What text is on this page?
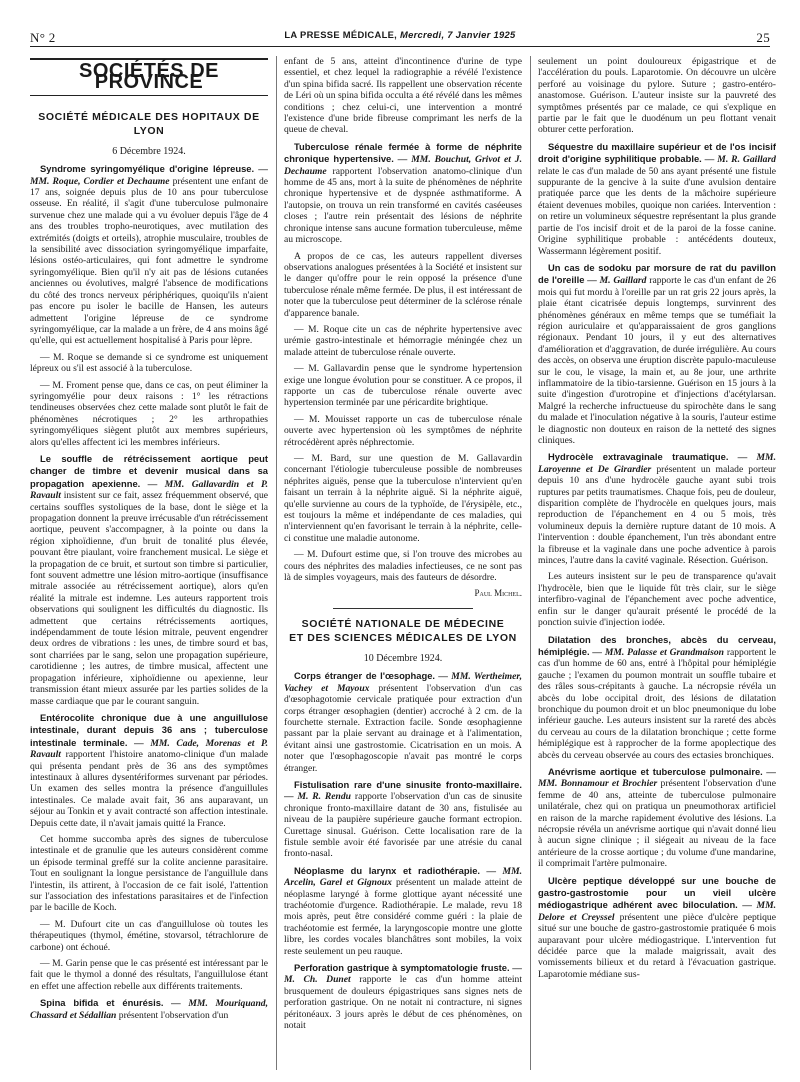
N° 2	LA PRESSE MÉDICALE, Mercredi, 7 Janvier 1925	25
SOCIÉTÉS DE PROVINCE
SOCIÉTÉ MÉDICALE DES HOPITAUX DE LYON
6 Décembre 1924.

Syndrome syringomyélique d'origine lépreuse. — MM. Roque, Cordier et Dechaume présentent une enfant de 17 ans, soignée depuis plus de 10 ans pour tuberculose osseuse. En réalité, il s'agit d'une tuberculose pulmonaire survenue chez une malade qui a vu évoluer depuis l'âge de 4 ans des troubles tropho-neurotiques, avec mutilation des extrémités (doigts et orteils), atrophie musculaire, troubles de la sensibilité avec dissociation syringomyélique imparfaite, lésions ostéo-articulaires, qui font admettre le syndrome syringomyélique. Bien qu'il n'y ait pas de lésions cutanées anciennes ou évolutives, malgré l'absence de modifications du côté des troncs nerveux périphériques, quoiqu'ils n'aient pas encore pu isoler le bacille de Hansen, les auteurs admettent l'origine lépreuse de ce syndrome syringomyélique, car la malade a un frère, de 4 ans moins âgé qu'elle, qui est actuellement hospitalisé à Paris pour lèpre.

— M. Roque se demande si ce syndrome est uniquement lépreux ou s'il est associé à la tuberculose.

— M. Froment pense que, dans ce cas, on peut éliminer la syringomyélie pour deux raisons : 1° les rétractions tendineuses observées chez cette malade sont plutôt le fait de phénomènes nécrotiques ; 2° les arthropathies syringomyéliques siègent plutôt aux membres supérieurs, alors qu'elles affectent ici les membres inférieurs.

Le souffle de rétrécissement aortique peut changer de timbre et devenir musical dans sa propagation apexienne. — MM. Gallavardin et P. Ravault insistent sur ce fait, assez fréquemment observé, que certains souffles systoliques de la base, dont le siège et la propagation donnent la preuve irrécusable d'un rétrécissement aortique, peuvent s'accompagner, à la pointe ou dans la région xiphoïdienne, d'un bruit de tonalité plus élevée, pouvant être piaulant, voire franchement musical. Le siège et la propagation de ce bruit, et surtout son timbre si particulier, font souvent admettre une lésion mitro-aortique (insuffisance mitrale associée au rétrécissement aortique), alors qu'en réalité la mitrale est indemne. Les auteurs rapportent trois observations qui soulignent les difficultés du diagnostic. Ils admettent que certains rétrécissements aortiques, indépendamment de toute lésion mitrale, peuvent engendrer deux ordres de vibrations : les unes, de timbre sourd et bas, sont charriées par le sang, selon une propagation supérieure, carotidienne ; les autres, de timbre musical, affectent une propagation inférieure, xiphoïdienne ou apexienne, leur transmission étant mieux assurée par les parties solides de la masse cardiaque que par le courant sanguin.

Entérocolite chronique due à une anguillulose intestinale, durant depuis 36 ans ; tuberculose intestinale terminale. — MM. Cade, Morenas et P. Ravault rapportent l'histoire anatomo-clinique d'un malade qui présenta pendant près de 36 ans des symptômes intestinaux à allures dysentériformes survenant par périodes. Un examen des selles montra la présence d'anguillules intestinales. Ce malade avait fait, 36 ans auparavant, un séjour au Tonkin et y avait contracté son affection intestinale. Depuis cette date, il n'avait jamais quitté la France.

Cet homme succomba après des signes de tuberculose intestinale et de granulie que les auteurs considèrent comme un épisode terminal greffé sur la colite ancienne parasitaire. Tout en soulignant la longue persistance de l'anguillule dans l'intestin, ils attirent, à l'occasion de ce fait isolé, l'attention sur l'association des infestations parasitaires et de l'infection par le bacille de Koch.

— M. Dufourt cite un cas d'anguillulose où toutes les thérapeutiques (thymol, émétine, stovarsol, tétrachlorure de carbone) ont échoué.

— M. Garin pense que le cas présenté est intéressant par le fait que le thymol a donné des résultats, l'anguillulose étant en effet une affection rebelle aux différents traitements.

Spina bifida et énurésis. — MM. Mouriquand, Chassard et Sédallian présentent l'observation d'un

enfant de 5 ans, atteint d'incontinence d'urine de type essentiel, et chez lequel la radiographie a révélé l'existence d'un spina bifida sacré. Ils rappellent une observation récente de Léri où un spina bifida occulta a été révélé dans les mêmes conditions ; chez celui-ci, une intervention a montré l'existence d'une bride fibreuse comprimant les nerfs de la queue de cheval.

Tuberculose rénale fermée à forme de néphrite chronique hypertensive. — MM. Bouchut, Grivot et J. Dechaume rapportent l'observation anatomo-clinique d'un homme de 45 ans, mort à la suite de phénomènes de néphrite chronique hypertensive et de dyspnée asthmatiforme. A l'autopsie, on trouva un rein transformé en cavités caséeuses closes ; l'autre rein présentait des lésions de néphrite chronique intense sans aucune formation tuberculeuse, même au microscope.

A propos de ce cas, les auteurs rappellent diverses observations analogues présentées à la Société et insistent sur le danger qu'offre pour le rein opposé la présence d'une tuberculose rénale même fermée. De plus, il est intéressant de noter que la tuberculose peut déterminer de la sclérose rénale d'apparence banale.

— M. Roque cite un cas de néphrite hypertensive avec urémie gastro-intestinale et hémorragie méningée chez un malade atteint de tuberculose rénale ouverte.

— M. Gallavardin pense que le syndrome hypertension exige une longue évolution pour se constituer. A ce propos, il rapporte un cas de tuberculose rénale ouverte avec hypertension terminée par une péricardite brightique.

— M. Mouisset rapporte un cas de tuberculose rénale ouverte avec hypertension où les symptômes de néphrite rétrocédèrent après néphrectomie.

— M. Bard, sur une question de M. Gallavardin concernant l'étiologie tuberculeuse possible de nombreuses néphrites aiguës, pense que la tuberculose n'intervient qu'en faisant un terrain à la néphrite aiguë. Si la néphrite aiguë, qu'elle survienne au cours de la typhoïde, de l'érysipèle, etc., est toujours la même et indépendante de ces maladies, qui n'interviennent qu'en favorisant le terrain à la néphrite, celle-ci constitue une maladie autonome.

— M. Dufourt estime que, si l'on trouve des microbes au cours des néphrites des maladies infectieuses, ce ne sont pas là de simples voyageurs, mais des fauteurs de désordre.

Paul Michel.
SOCIÉTÉ NATIONALE DE MÉDECINE
ET DES SCIENCES MÉDICALES DE LYON
10 Décembre 1924.

Corps étranger de l'œsophage. — MM. Wertheimer, Vachey et Mayoux présentent l'observation d'un cas d'œsophagotomie cervicale pratiquée pour extraction d'un corps étranger œsophagien (dentier) accroché à 2 cm. de la fourchette sternale. Extraction facile. Sonde œsophagienne passant par la plaie servant au drainage et à l'alimentation, évitant ainsi une gastrostomie. Cicatrisation en un mois. A noter que l'œsophagoscopie n'avait pas montré le corps étranger.

Fistulisation rare d'une sinusite fronto-maxillaire. — M. R. Rendu rapporte l'observation d'un cas de sinusite chronique fronto-maxillaire datant de 30 ans, fistulisée au niveau de la paupière supérieure gauche formant ectropion. Curettage sinusal. Guérison. Cette localisation rare de la fistule semble avoir été favorisée par une atrésie du canal fronto-nasal.

Néoplasme du larynx et radiothérapie. — MM. Arcelin, Garel et Gignoux présentent un malade atteint de néoplasme laryngé à forme glottique ayant nécessité une trachéotomie d'urgence. Radiothérapie. Le malade, revu 18 mois après, peut être considéré comme guéri : la plaie de trachéotomie est fermée, la laryngoscopie montre une glotte libre, les cordes vocales blanchâtres sont mobiles, la voix reste seulement un peu rauque.

Perforation gastrique à symptomatologie fruste. — M. Ch. Dunet rapporte le cas d'un homme atteint brusquement de douleurs épigastriques sans signes nets de perforation gastrique. On ne notait ni contracture, ni signes péritonéaux. 3 jours après le début de ces phénomènes, on notait

seulement un point douloureux épigastrique et de l'accélération du pouls. Laparotomie. On découvre un ulcère perforé au voisinage du pylore. Suture ; gastro-entéro-anastomose. Guérison. L'auteur insiste sur la pauvreté des symptômes présentés par ce malade, ce qui s'explique en partie par le fait que le duodénum un peu flottant venait obturer cette perforation.

Séquestre du maxillaire supérieur et de l'os incisif droit d'origine syphilitique probable. — M. R. Gaillard relate le cas d'un malade de 50 ans ayant présenté une fistule suppurante de la gencive à la suite d'une avulsion dentaire pratiquée parce que les dents de la mâchoire supérieure étaient devenues mobiles, quoique non cariées. Intervention : on retire un volumineux séquestre représentant la plus grande partie de l'os incisif droit et de la paroi de la fosse canine. Origine syphilitique probable : antécédents douteux, Wassermann légèrement positif.

Un cas de sodoku par morsure de rat du pavillon de l'oreille — M. Gaillard rapporte le cas d'un enfant de 26 mois qui fut mordu à l'oreille par un rat gris 22 jours après, la plaie étant cicatrisée depuis longtemps, survinrent des phénomènes généraux en même temps que se tuméfiait la région auriculaire et qu'apparaissaient de gros ganglions régionaux. Pendant 10 jours, il y eut des alternatives d'amélioration et d'aggravation, de durée irrégulière. Au cours des accès, on observa une éruption discrète papulo-maculeuse sur le cou, le visage, la main et, au 8e jour, une arthrite inflammatoire de la tibio-tarsienne. Guérison en 15 jours à la suite d'ingestion d'urotropine et d'injections d'acétylarsan. Malgré la recherche infructueuse du spirochète dans le sang du malade et l'inoculation négative à la souris, l'auteur estime le diagnostic non douteux en raison de la netteté des signes cliniques.

Hydrocèle extravaginale traumatique. — MM. Laroyenne et De Girardier présentent un malade porteur depuis 10 ans d'une hydrocèle gauche ayant subi trois ruptures par petits traumatismes. Chaque fois, peu de douleur, disparition complète de l'hydrocèle en quelques jours, mais reproduction de l'épanchement en 4 ou 5 mois, très volumineux depuis la dernière rupture datant de 10 mois. A l'intervention : double épanchement, l'un très abondant entre la fibreuse et la vaginale dans une poche adventice à parois minces, l'autre dans la cavité vaginale. Résection. Guérison.

Les auteurs insistent sur le peu de transparence qu'avait l'hydrocèle, bien que le liquide fût très clair, sur le siège interfibro-vaginal de l'épanchement avec poche adventice, enfin sur le danger qu'aurait présenté le procédé de la ponction suivie d'injection iodée.

Dilatation des bronches, abcès du cerveau, hémiplégie. — MM. Palasse et Grandmaison rapportent le cas d'un homme de 60 ans, entré à l'hôpital pour hémiplégie gauche ; l'examen du poumon montrait un souffle tubaire et des râles sous-crépitants à gauche. La nécropsie révéla un abcès du lobe occipital droit, des lésions de dilatation bronchique du poumon droit et un bloc pneumonique du lobe inférieur gauche. Les auteurs insistent sur la rareté des abcès du cerveau au cours de la dilatation bronchique ; cette forme hémiplégique est à rapprocher de la forme apoplectique des abcès du cerveau observée au cours des ectasies bronchiques.

Anévrisme aortique et tuberculose pulmonaire. — MM. Bonnamour et Brochier présentent l'observation d'une femme de 40 ans, atteinte de tuberculose pulmonaire unilatérale, chez qui on pratiqua un pneumothorax artificiel en raison de la marche rapidement évolutive des lésions. La nécropsie révéla un anévrisme aortique qui n'avait donné lieu à aucun signe clinique ; il siégeait au niveau de la face antérieure de la crosse aortique ; du volume d'une mandarine, il comprimait l'artère pulmonaire.

Ulcère peptique développé sur une bouche de gastro-gastrostomie pour un vieil ulcère médiogastrique adhérent avec biloculation. — MM. Delore et Creyssel présentent une pièce d'ulcère peptique situé sur une bouche de gastro-gastrostomie pratiquée 6 mois auparavant pour ulcère médiogastrique. L'intervention fut décidée parce que la malade maigrissait, avait des vomissements bilieux et du retard à l'évacuation gastrique. Laparotomie médiane sus-
